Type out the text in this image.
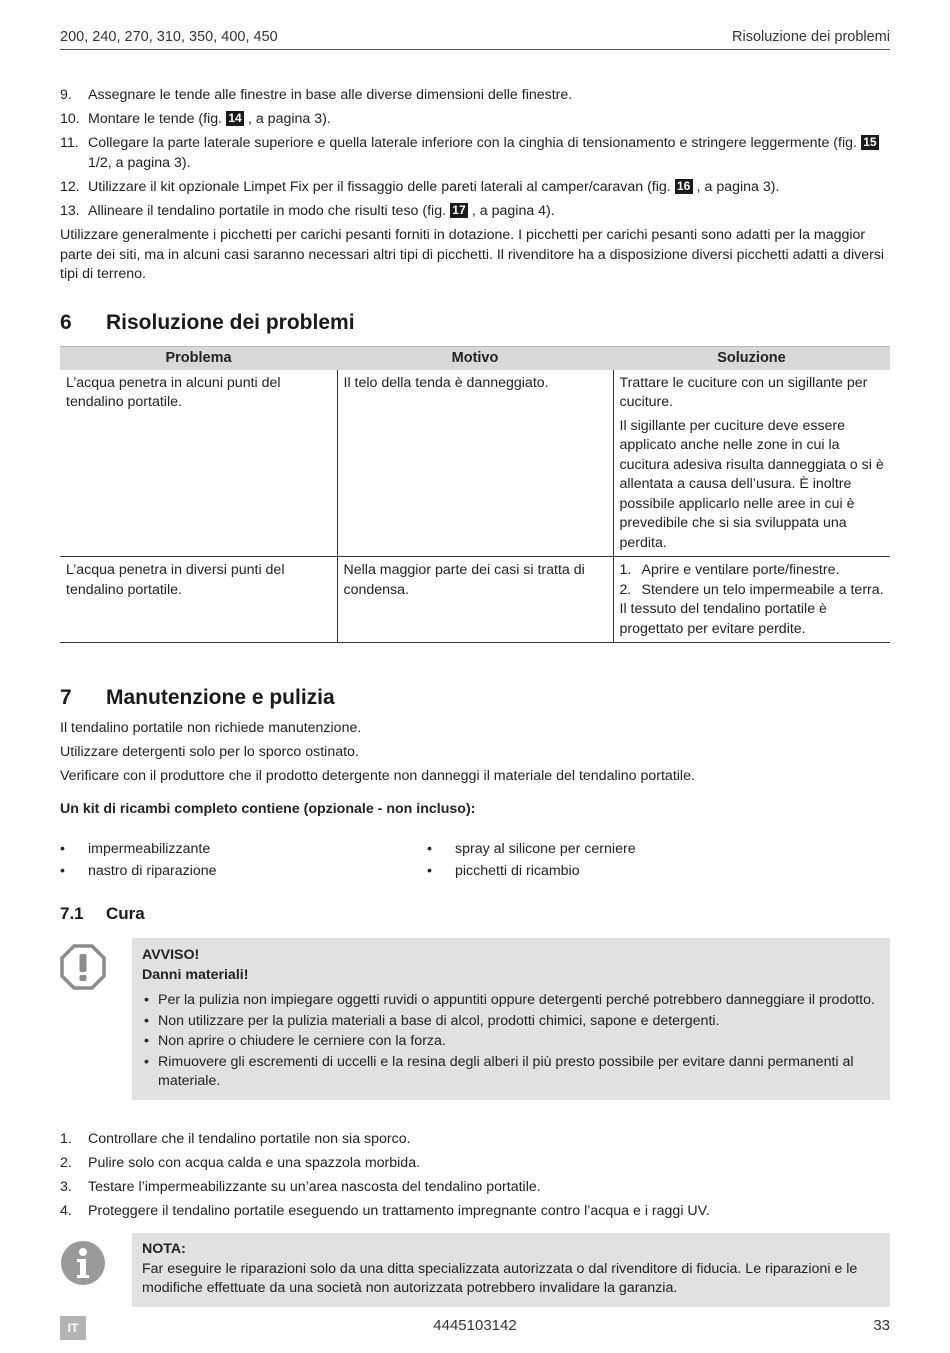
200, 240, 270, 310, 350, 400, 450	Risoluzione dei problemi
9.	Assegnare le tende alle finestre in base alle diverse dimensioni delle finestre.
10. Montare le tende (fig. 14 , a pagina 3).
11. Collegare la parte laterale superiore e quella laterale inferiore con la cinghia di tensionamento e stringere leggermente (fig. 15 1/2, a pagina 3).
12. Utilizzare il kit opzionale Limpet Fix per il fissaggio delle pareti laterali al camper/caravan (fig. 16 , a pagina 3).
13. Allineare il tendalino portatile in modo che risulti teso (fig. 17 , a pagina 4).
Utilizzare generalmente i picchetti per carichi pesanti forniti in dotazione. I picchetti per carichi pesanti sono adatti per la maggior parte dei siti, ma in alcuni casi saranno necessari altri tipi di picchetti. Il rivenditore ha a disposizione diversi picchetti adatti a diversi tipi di terreno.
6	Risoluzione dei problemi
Problema	Motivo	Soluzione

L’acqua penetra in alcuni punti del tendalino portatile.	Il telo della tenda è danneggiato.	Trattare le cuciture con un sigillante per cuciture.
Il sigillante per cuciture deve essere applicato anche nelle zone in cui la cucitura adesiva risulta danneggiata o si è allentata a causa dell’usura. È inoltre possibile applicarlo nelle aree in cui è prevedibile che si sia sviluppata una perdita.

L’acqua penetra in diversi punti del tendalino portatile.	Nella maggior parte dei casi si tratta di condensa.	1. Aprire e ventilare porte/finestre.
2. Stendere un telo impermeabile a terra.
Il tessuto del tendalino portatile è progettato per evitare perdite.
7	Manutenzione e pulizia
Il tendalino portatile non richiede manutenzione.
Utilizzare detergenti solo per lo sporco ostinato.
Verificare con il produttore che il prodotto detergente non danneggi il materiale del tendalino portatile.
Un kit di ricambi completo contiene (opzionale - non incluso):
•	impermeabilizzante
•	nastro di riparazione
•	spray al silicone per cerniere
•	picchetti di ricambio
7.1	Cura
AVVISO!
Danni materiali!
• Per la pulizia non impiegare oggetti ruvidi o appuntiti oppure detergenti perché potrebbero danneggiare il prodotto.
• Non utilizzare per la pulizia materiali a base di alcol, prodotti chimici, sapone e detergenti.
• Non aprire o chiudere le cerniere con la forza.
• Rimuovere gli escrementi di uccelli e la resina degli alberi il più presto possibile per evitare danni permanenti al materiale.
1.	Controllare che il tendalino portatile non sia sporco.
2.	Pulire solo con acqua calda e una spazzola morbida.
3.	Testare l’impermeabilizzante su un’area nascosta del tendalino portatile.
4.	Proteggere il tendalino portatile eseguendo un trattamento impregnante contro l’acqua e i raggi UV.
NOTA:
Far eseguire le riparazioni solo da una ditta specializzata autorizzata o dal rivenditore di fiducia. Le riparazioni e le modifiche effettuate da una società non autorizzata potrebbero invalidare la garanzia.
IT	4445103142	33
